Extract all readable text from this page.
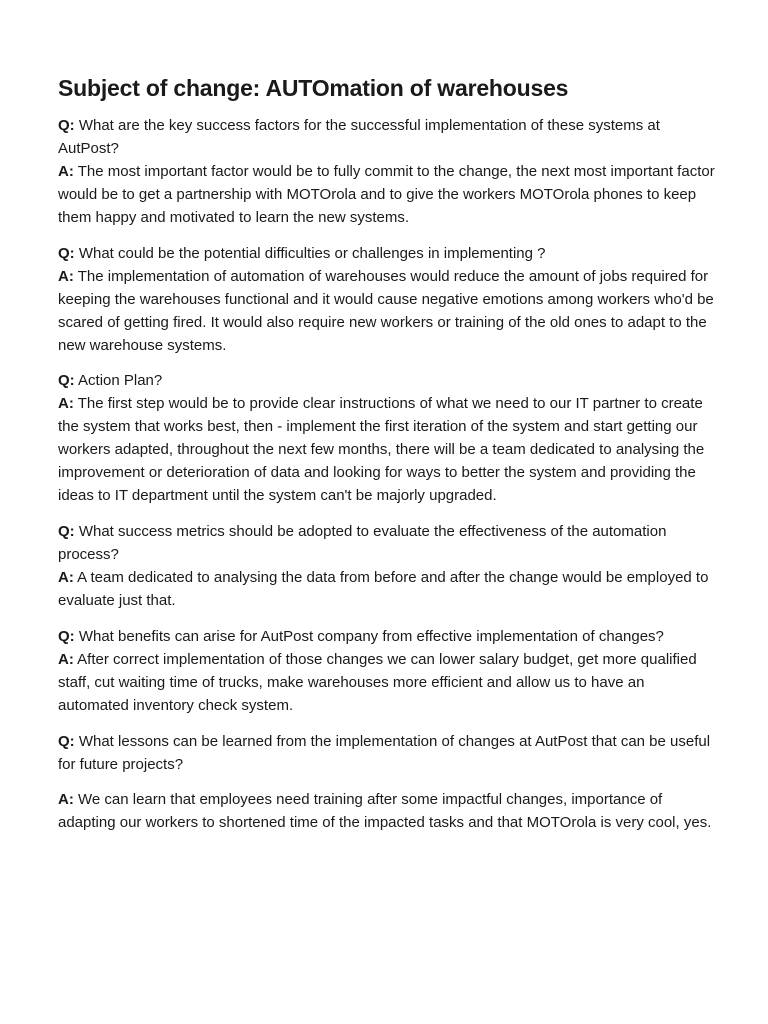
Subject of change: AUTOmation of warehouses

Q: What are the key success factors for the successful implementation of these systems at AutPost?

A: The most important factor would be to fully commit to the change, the next most important factor would be to get a partnership with MOTOrola and to give the workers MOTOrola phones to keep them happy and motivated to learn the new systems.

Q: What could be the potential difficulties or challenges in implementing ?

A: The implementation of automation of warehouses would reduce the amount of jobs required for keeping the warehouses functional and it would cause negative emotions among workers who'd be scared of getting fired. It would also require new workers or training of the old ones to adapt to the new warehouse systems.

Q: Action Plan?

A: The first step would be to provide clear instructions of what we need to our IT partner to create the system that works best, then - implement the first iteration of the system and start getting our workers adapted, throughout the next few months, there will be a team dedicated to analysing the improvement or deterioration of data and looking for ways to better the system and providing the ideas to IT department until the system can't be majorly upgraded.

Q: What success metrics should be adopted to evaluate the effectiveness of the automation process?

A: A team dedicated to analysing the data from before and after the change would be employed to evaluate just that.

Q: What benefits can arise for AutPost company from effective implementation of changes?

A: After correct implementation of those changes we can lower salary budget, get more qualified staff, cut waiting time of trucks, make warehouses more efficient and allow us to have an automated inventory check system.

Q: What lessons can be learned from the implementation of changes at AutPost that can be useful for future projects?

A: We can learn that employees need training after some impactful changes, importance of adapting our workers to shortened time of the impacted tasks and that MOTOrola is very cool, yes.
